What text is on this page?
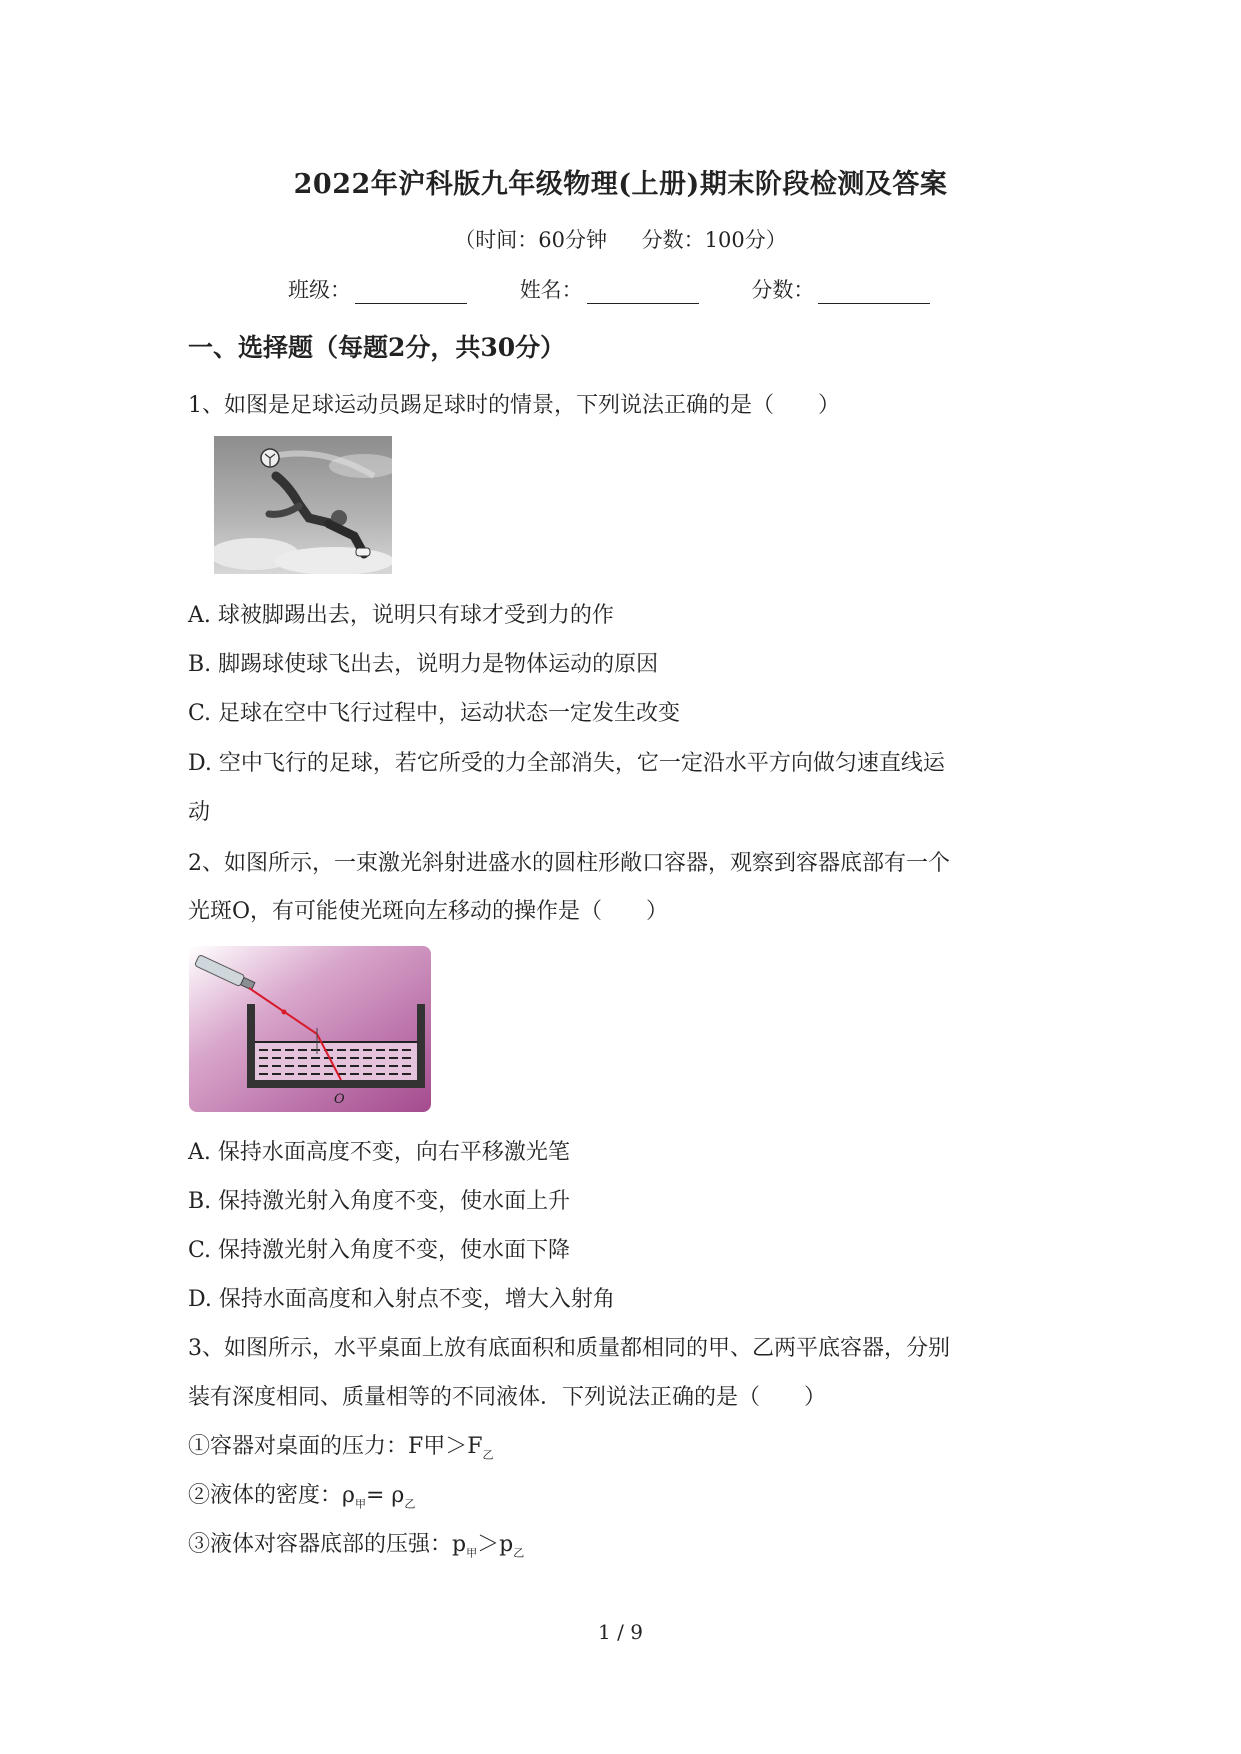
2022年沪科版九年级物理(上册)期末阶段检测及答案
（时间：60分钟 分数：100分）
班级：	姓名：	分数：
一、选择题（每题2分，共30分）
1、如图是足球运动员踢足球时的情景，下列说法正确的是（　　）
A. 球被脚踢出去，说明只有球才受到力的作
B. 脚踢球使球飞出去，说明力是物体运动的原因
C. 足球在空中飞行过程中，运动状态一定发生改变
D. 空中飞行的足球，若它所受的力全部消失，它一定沿水平方向做匀速直线运
动
2、如图所示，一束激光斜射进盛水的圆柱形敞口容器，观察到容器底部有一个
光斑O，有可能使光斑向左移动的操作是（　　）
O
A. 保持水面高度不变，向右平移激光笔
B. 保持激光射入角度不变，使水面上升
C. 保持激光射入角度不变，使水面下降
D. 保持水面高度和入射点不变，增大入射角
3、如图所示，水平桌面上放有底面积和质量都相同的甲、乙两平底容器，分别
装有深度相同、质量相等的不同液体．下列说法正确的是（　　）
①容器对桌面的压力：F甲$>F_乙$
②液体的密度：$\rho_甲= \rho_乙$
③液体对容器底部的压强：$p_甲>p_乙$
1 / 9
